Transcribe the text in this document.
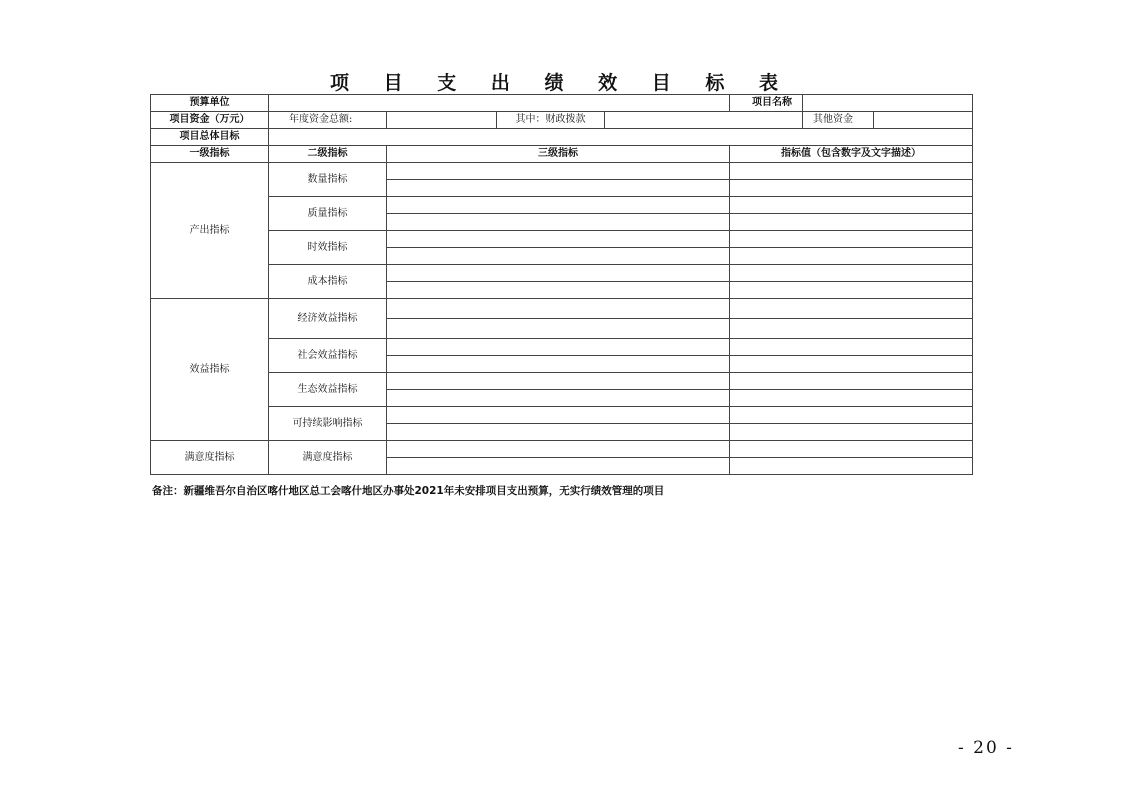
项 目 支 出 绩 效 目 标 表
预算单位					项目名称		
项目资金（万元）	年度资金总额:		其中：财政拨款			其他资金	
项目总体目标							
一级指标	二级指标	三级指标			指标值（包含数字及文字描述）		
产出指标	数量指标						

	质量指标						

	时效指标						

	成本指标						

效益指标	经济效益指标						

	社会效益指标						

	生态效益指标						

	可持续影响指标						

满意度指标	满意度指标						

备注：新疆维吾尔自治区喀什地区总工会喀什地区办事处2021年未安排项目支出预算，无实行绩效管理的项目
- 20 -
